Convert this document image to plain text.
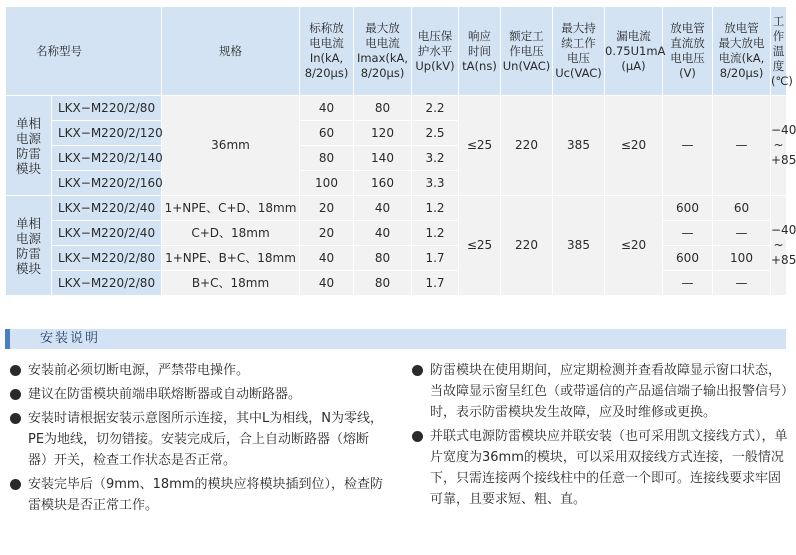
名称型号		规格	标称放
电电流
In(kA,
8/20μs)	最大放
电电流
Imax(kA,
8/20μs)	电压保
护水平
Up(kV)	响应
时间
tA(ns)	额定工
作电压
Un(VAC)	最大持
续工作
电压
Uc(VAC)	漏电流
0.75U1mA
(μA)	放电管
直流放
电电压
(V)	放电管
最大放电
电流(kA,
8/20μs)	工作
温度
(℃)
单相
电源
防雷
模块	LKX−M220/2/80	36mm	40	80	2.2	≤25	220	385	≤20	—	—	−40
~
+85
	LKX−M220/2/120		60	120	2.5							
	LKX−M220/2/140		80	140	3.2							
	LKX−M220/2/160		100	160	3.3							
单相
电源
防雷
模块	LKX−M220/2/40	1+NPE、C+D、18mm	20	40	1.2	≤25	220	385	≤20	600	60	−40
~
+85
	LKX−M220/2/40	C+D、18mm	20	40	1.2					—	—	
	LKX−M220/2/80	1+NPE、B+C、18mm	40	80	1.7					600	100	
	LKX−M220/2/80	B+C、18mm	40	80	1.7					—	—	
安装说明
安装前必须切断电源，严禁带电操作。
建议在防雷模块前端串联熔断器或自动断路器。
安装时请根据安装示意图所示连接，其中L为相线，N为零线，PE为地线，切勿错接。安装完成后，合上自动断路器（熔断器）开关，检查工作状态是否正常。
安装完毕后（9mm、18mm的模块应将模块插到位），检查防雷模块是否正常工作。
防雷模块在使用期间，应定期检测并查看故障显示窗口状态，当故障显示窗呈红色（或带遥信的产品遥信端子输出报警信号）时，表示防雷模块发生故障，应及时维修或更换。
并联式电源防雷模块应并联安装（也可采用凯文接线方式），单片宽度为36mm的模块，可以采用双接线方式连接，一般情况下，只需连接两个接线柱中的任意一个即可。连接线要求牢固可靠，且要求短、粗、直。
